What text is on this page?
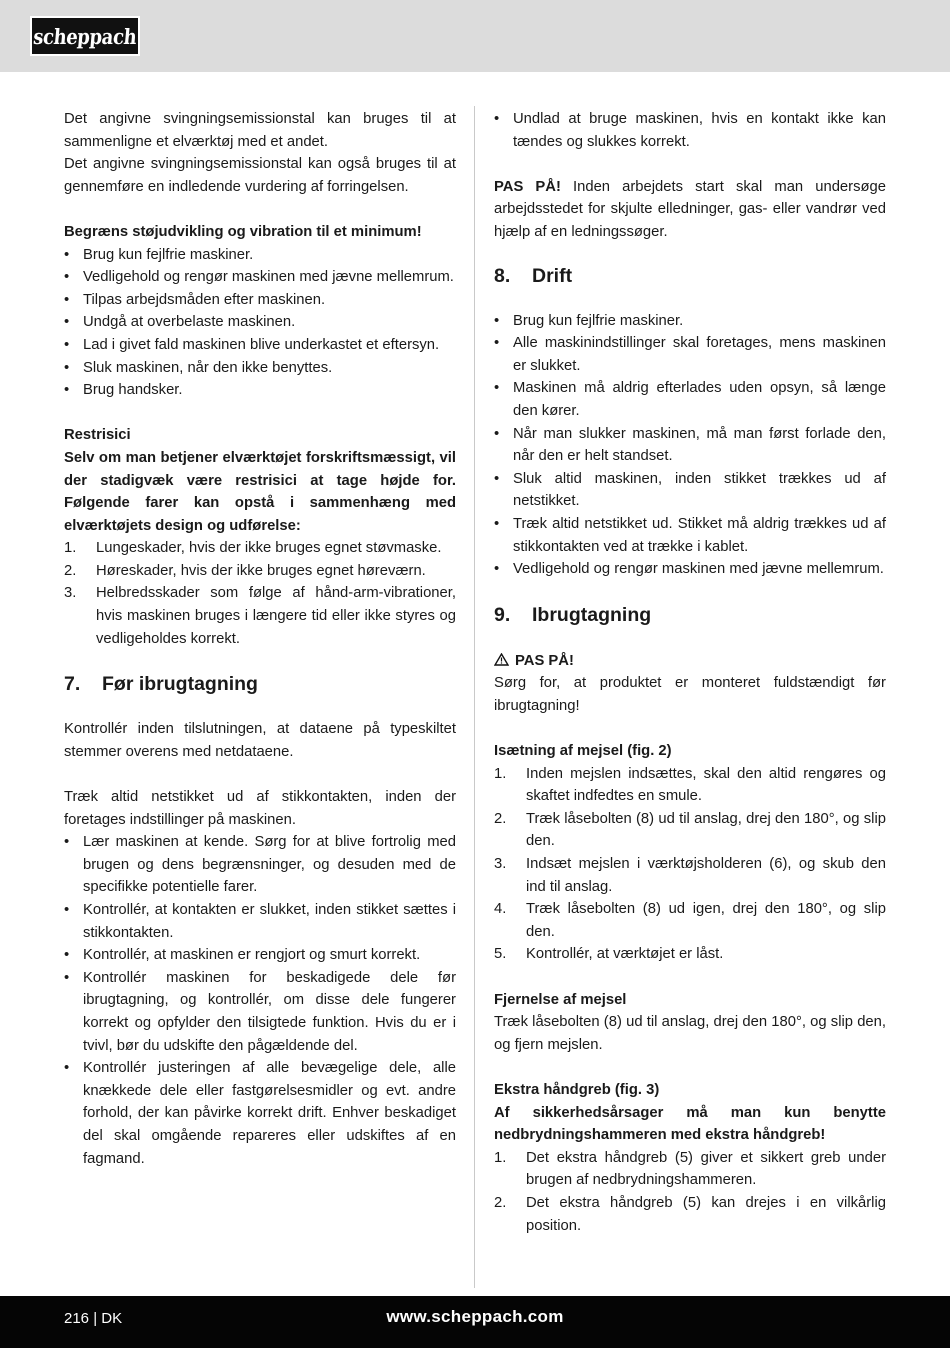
scheppach

Det angivne svingningsemissionstal kan bruges til at sammenligne et elværktøj med et andet.

Det angivne svingningsemissionstal kan også bruges til at gennemføre en indledende vurdering af forringelsen.

Begræns støjudvikling og vibration til et minimum!

• Brug kun fejlfrie maskiner.
• Vedligehold og rengør maskinen med jævne mellemrum.
• Tilpas arbejdsmåden efter maskinen.
• Undgå at overbelaste maskinen.
• Lad i givet fald maskinen blive underkastet et eftersyn.
• Sluk maskinen, når den ikke benyttes.
• Brug handsker.

Restrisici

Selv om man betjener elværktøjet forskriftsmæssigt, vil der stadigvæk være restrisici at tage højde for. Følgende farer kan opstå i sammenhæng med elværktøjets design og udførelse:

1. Lungeskader, hvis der ikke bruges egnet støvmaske.
2. Høreskader, hvis der ikke bruges egnet høreværn.
3. Helbredsskader som følge af hånd-arm-vibrationer, hvis maskinen bruges i længere tid eller ikke styres og vedligeholdes korrekt.
7.	Før ibrugtagning

Kontrollér inden tilslutningen, at dataene på typeskiltet stemmer overens med netdataene.

Træk altid netstikket ud af stikkontakten, inden der foretages indstillinger på maskinen.

• Lær maskinen at kende. Sørg for at blive fortrolig med brugen og dens begrænsninger, og desuden med de specifikke potentielle farer.
• Kontrollér, at kontakten er slukket, inden stikket sættes i stikkontakten.
• Kontrollér, at maskinen er rengjort og smurt korrekt.
• Kontrollér maskinen for beskadigede dele før ibrugtagning, og kontrollér, om disse dele fungerer korrekt og opfylder den tilsigtede funktion. Hvis du er i tvivl, bør du udskifte den pågældende del.
• Kontrollér justeringen af alle bevægelige dele, alle knækkede dele eller fastgørelsesmidler og evt. andre forhold, der kan påvirke korrekt drift. Enhver beskadiget del skal omgående repareres eller udskiftes af en fagmand.
• Undlad at bruge maskinen, hvis en kontakt ikke kan tændes og slukkes korrekt.

PAS PÅ! Inden arbejdets start skal man undersøge arbejdsstedet for skjulte elledninger, gas- eller vandrør ved hjælp af en ledningssøger.

8.	Drift
• Brug kun fejlfrie maskiner.
• Alle maskinindstillinger skal foretages, mens maskinen er slukket.
• Maskinen må aldrig efterlades uden opsyn, så længe den kører.
• Når man slukker maskinen, må man først forlade den, når den er helt standset.
• Sluk altid maskinen, inden stikket trækkes ud af netstikket.
• Træk altid netstikket ud. Stikket må aldrig trækkes ud af stikkontakten ved at trække i kablet.
• Vedligehold og rengør maskinen med jævne mellemrum.
9.	Ibrugtagning

PAS PÅ!

Sørg for, at produktet er monteret fuldstændigt før ibrugtagning!

Isætning af mejsel (fig. 2)

1. Inden mejslen indsættes, skal den altid rengøres og skaftet indfedtes en smule.
2. Træk låsebolten (8) ud til anslag, drej den 180°, og slip den.
3. Indsæt mejslen i værktøjsholderen (6), og skub den ind til anslag.
4. Træk låsebolten (8) ud igen, drej den 180°, og slip den.
5. Kontrollér, at værktøjet er låst.

Fjernelse af mejsel

Træk låsebolten (8) ud til anslag, drej den 180°, og slip den, og fjern mejslen.

Ekstra håndgreb (fig. 3)

Af sikkerhedsårsager må man kun benytte nedbrydningshammeren med ekstra håndgreb!

1. Det ekstra håndgreb (5) giver et sikkert greb under brugen af nedbrydningshammeren.
2. Det ekstra håndgreb (5) kan drejes i en vilkårlig position.
216 | DK	www.scheppach.com
